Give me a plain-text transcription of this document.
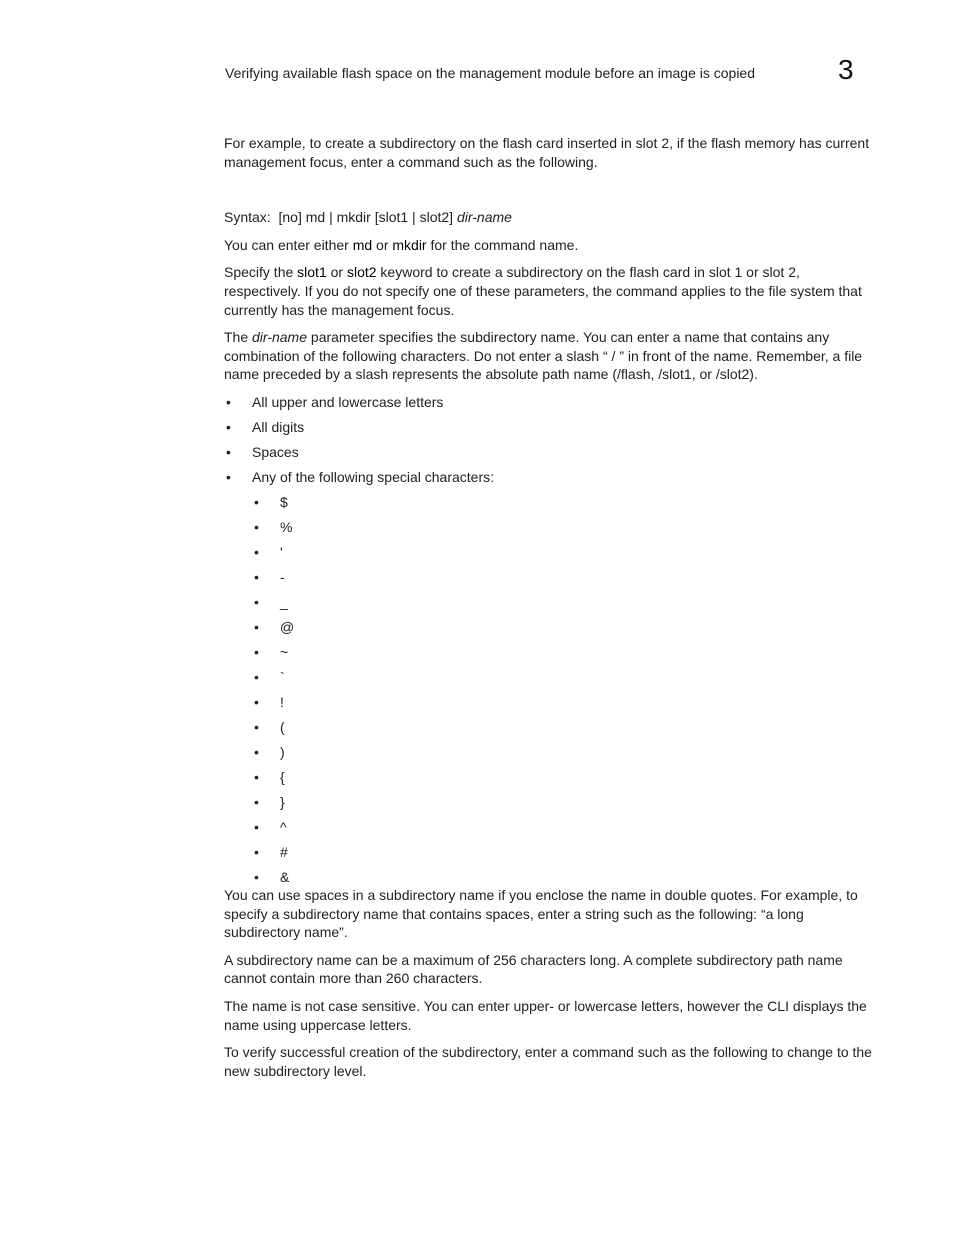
Verifying available flash space on the management module before an image is copied	3

For example, to create a subdirectory on the flash card inserted in slot 2, if the flash memory has current management focus, enter a command such as the following.

Syntax: [no] md | mkdir [slot1 | slot2] dir-name

You can enter either md or mkdir for the command name.

Specify the slot1 or slot2 keyword to create a subdirectory on the flash card in slot 1 or slot 2, respectively. If you do not specify one of these parameters, the command applies to the file system that currently has the management focus.

The dir-name parameter specifies the subdirectory name. You can enter a name that contains any combination of the following characters. Do not enter a slash “ / ” in front of the name. Remember, a file name preceded by a slash represents the absolute path name (/flash, /slot1, or /slot2).

• All upper and lowercase letters
• All digits
• Spaces
• Any of the following special characters:
• $
• %
• '
• -
• _
• @
• ~
• `
• !
• (
• )
• {
• }
• ^
• #
• &

You can use spaces in a subdirectory name if you enclose the name in double quotes. For example, to specify a subdirectory name that contains spaces, enter a string such as the following: “a long subdirectory name”.

A subdirectory name can be a maximum of 256 characters long. A complete subdirectory path name cannot contain more than 260 characters.

The name is not case sensitive. You can enter upper- or lowercase letters, however the CLI displays the name using uppercase letters.

To verify successful creation of the subdirectory, enter a command such as the following to change to the new subdirectory level.
